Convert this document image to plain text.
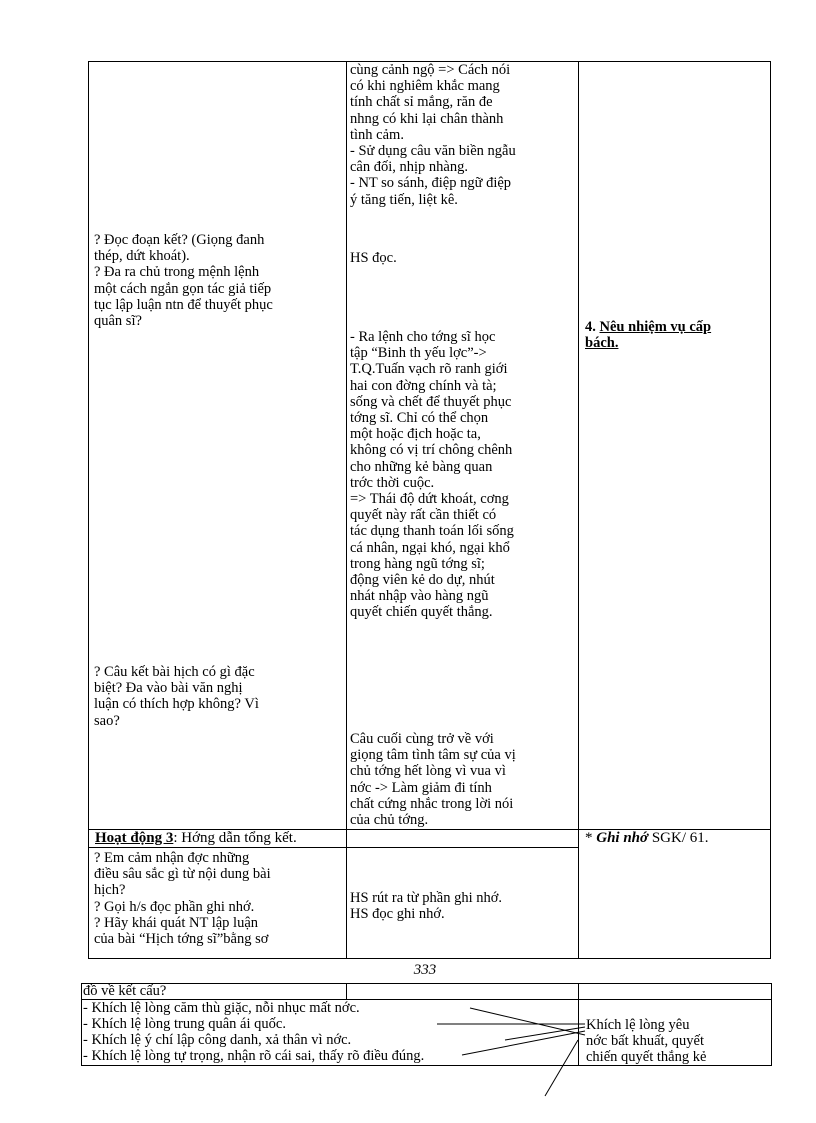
? Đọc đoạn kết? (Giọng đanh
thép, dứt khoát).
? Đa ra chủ trong mệnh lệnh
một cách ngắn gọn tác giả tiếp
tục lập luận ntn để thuyết phục
quân sĩ?
? Câu kết bài hịch có gì đặc
biệt? Đa vào bài văn nghị
luận có thích hợp không? Vì
sao?
? Em cảm nhận đợc những
điều sâu sắc gì từ nội dung bài
hịch?
? Gọi h/s đọc phần ghi nhớ.
? Hãy khái quát NT lập luận
của bài “Hịch tớng sĩ”bằng sơ
cùng cảnh ngộ => Cách nói
có khi nghiêm khắc mang
tính chất sỉ mắng, răn đe
nhng có khi lại chân thành
tình cảm.
- Sử dụng câu văn biền ngẫu
cân đối, nhịp nhàng.
- NT so sánh, điệp ngữ điệp
ý tăng tiến, liệt kê.
HS đọc.
- Ra lệnh cho tớng sĩ học
tập “Binh th yếu lợc”->
T.Q.Tuấn vạch rõ ranh giới
hai con đờng chính và tà;
sống và chết để thuyết phục
tớng sĩ. Chỉ có thể chọn
một hoặc địch hoặc ta,
không có vị trí chông chênh
cho những kẻ bàng quan
trớc thời cuộc.
=> Thái độ dứt khoát, cơng
quyết này rất cần thiết có
tác dụng thanh toán lối sống
cá nhân, ngại khó, ngại khổ
trong hàng ngũ tớng sĩ;
động viên kẻ do dự, nhút
nhát nhập vào hàng ngũ
quyết chiến quyết thắng.
Câu cuối cùng trở về với
giọng tâm tình tâm sự của vị
chủ tớng hết lòng vì vua vì
nớc -> Làm giảm đi tính
chất cứng nhắc trong lời nói
của chủ tớng.
HS rút ra từ phần ghi nhớ.
HS đọc ghi nhớ.

4. Nêu nhiệm vụ cấp
bách.

* Ghi nhớ SGK/ 61.
Hoạt động 3: Hớng dẫn tổng kết.
333
đồ về kết cấu?
- Khích lệ lòng căm thù giặc, nỗi nhục mất nớc.
- Khích lệ lòng trung quân ái quốc.
- Khích lệ ý chí lập công danh, xả thân vì nớc.
- Khích lệ lòng tự trọng, nhận rõ cái sai, thấy rõ điều đúng.
Khích lệ lòng yêu
nớc bất khuất, quyết
chiến quyết thắng kẻ
